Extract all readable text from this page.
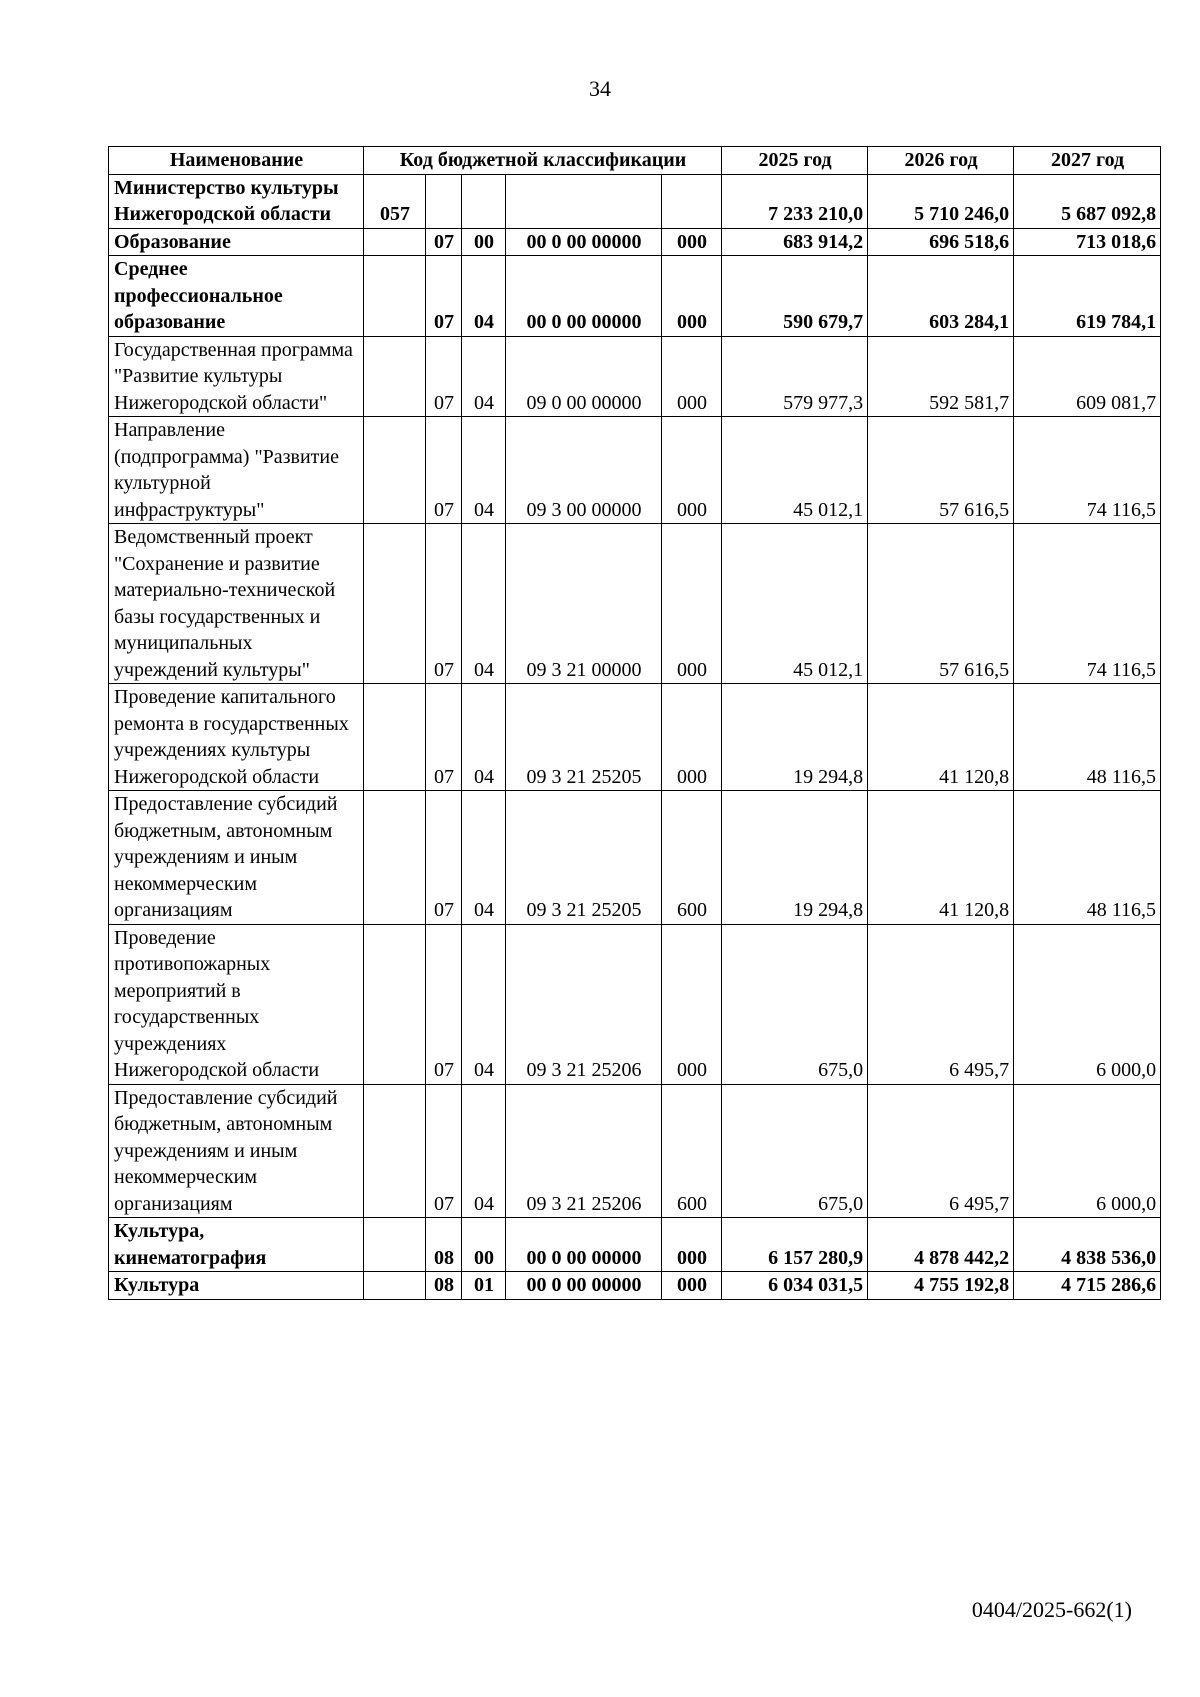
34
Наименование	Код бюджетной классификации					2025 год	2026 год	2027 год
Министерство культуры Нижегородской области	057					7 233 210,0	5 710 246,0	5 687 092,8
Образование		07	00	00 0 00 00000	000	683 914,2	696 518,6	713 018,6
Среднее профессиональное образование		07	04	00 0 00 00000	000	590 679,7	603 284,1	619 784,1
Государственная программа "Развитие культуры Нижегородской области"		07	04	09 0 00 00000	000	579 977,3	592 581,7	609 081,7
Направление (подпрограмма) "Развитие культурной инфраструктуры"		07	04	09 3 00 00000	000	45 012,1	57 616,5	74 116,5
Ведомственный проект "Сохранение и развитие материально-технической базы государственных и муниципальных учреждений культуры"		07	04	09 3 21 00000	000	45 012,1	57 616,5	74 116,5
Проведение капитального ремонта в государственных учреждениях культуры Нижегородской области		07	04	09 3 21 25205	000	19 294,8	41 120,8	48 116,5
Предоставление субсидий бюджетным, автономным учреждениям и иным некоммерческим организациям		07	04	09 3 21 25205	600	19 294,8	41 120,8	48 116,5
Проведение противопожарных мероприятий в государственных учреждениях Нижегородской области		07	04	09 3 21 25206	000	675,0	6 495,7	6 000,0
Предоставление субсидий бюджетным, автономным учреждениям и иным некоммерческим организациям		07	04	09 3 21 25206	600	675,0	6 495,7	6 000,0
Культура, кинематография		08	00	00 0 00 00000	000	6 157 280,9	4 878 442,2	4 838 536,0
Культура		08	01	00 0 00 00000	000	6 034 031,5	4 755 192,8	4 715 286,6
0404/2025-662(1)
